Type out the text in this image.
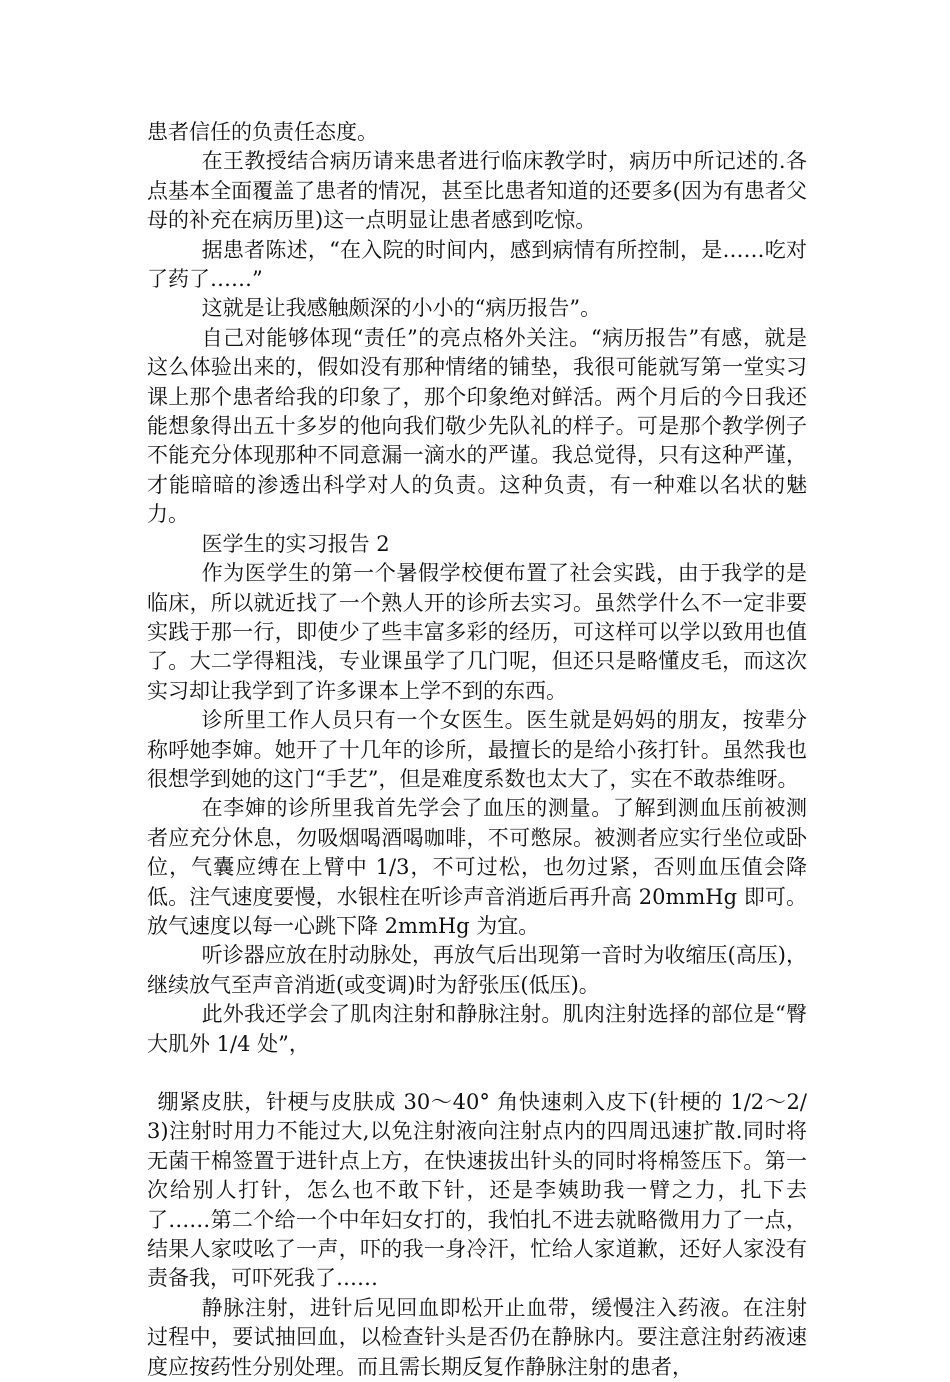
患者信任的负责任态度。

在王教授结合病历请来患者进行临床教学时，病历中所记述的.各点基本全面覆盖了患者的情况，甚至比患者知道的还要多(因为有患者父母的补充在病历里)这一点明显让患者感到吃惊。

据患者陈述，“在入院的时间内，感到病情有所控制，是……吃对了药了……”

这就是让我感触颇深的小小的“病历报告”。

自己对能够体现“责任”的亮点格外关注。“病历报告”有感，就是这么体验出来的，假如没有那种情绪的铺垫，我很可能就写第一堂实习课上那个患者给我的印象了，那个印象绝对鲜活。两个月后的今日我还能想象得出五十多岁的他向我们敬少先队礼的样子。可是那个教学例子不能充分体现那种不同意漏一滴水的严谨。我总觉得，只有这种严谨，才能暗暗的渗透出科学对人的负责。这种负责，有一种难以名状的魅力。

医学生的实习报告 2

作为医学生的第一个暑假学校便布置了社会实践，由于我学的是临床，所以就近找了一个熟人开的诊所去实习。虽然学什么不一定非要实践于那一行，即使少了些丰富多彩的经历，可这样可以学以致用也值了。大二学得粗浅，专业课虽学了几门呢，但还只是略懂皮毛，而这次实习却让我学到了许多课本上学不到的东西。

诊所里工作人员只有一个女医生。医生就是妈妈的朋友，按辈分称呼她李婶。她开了十几年的诊所，最擅长的是给小孩打针。虽然我也很想学到她的这门“手艺”，但是难度系数也太大了，实在不敢恭维呀。

在李婶的诊所里我首先学会了血压的测量。了解到测血压前被测者应充分休息，勿吸烟喝酒喝咖啡，不可憋尿。被测者应实行坐位或卧位，气囊应缚在上臂中 1/3，不可过松，也勿过紧，否则血压值会降低。注气速度要慢，水银柱在听诊声音消逝后再升高 20mmHg 即可。放气速度以每一心跳下降 2mmHg 为宜。

听诊器应放在肘动脉处，再放气后出现第一音时为收缩压(高压)，继续放气至声音消逝(或变调)时为舒张压(低压)。

此外我还学会了肌肉注射和静脉注射。肌肉注射选择的部位是“臀大肌外 1/4 处”，

绷紧皮肤，针梗与皮肤成 30～40° 角快速刺入皮下(针梗的 1/2～2/3)注射时用力不能过大,以免注射液向注射点内的四周迅速扩散.同时将无菌干棉签置于进针点上方，在快速拔出针头的同时将棉签压下。第一次给别人打针，怎么也不敢下针，还是李姨助我一臂之力，扎下去了……第二个给一个中年妇女打的，我怕扎不进去就略微用力了一点，结果人家哎吆了一声，吓的我一身冷汗，忙给人家道歉，还好人家没有责备我，可吓死我了……

静脉注射，进针后见回血即松开止血带，缓慢注入药液。在注射过程中，要试抽回血，以检查针头是否仍在静脉内。要注意注射药液速度应按药性分别处理。而且需长期反复作静脉注射的患者，
